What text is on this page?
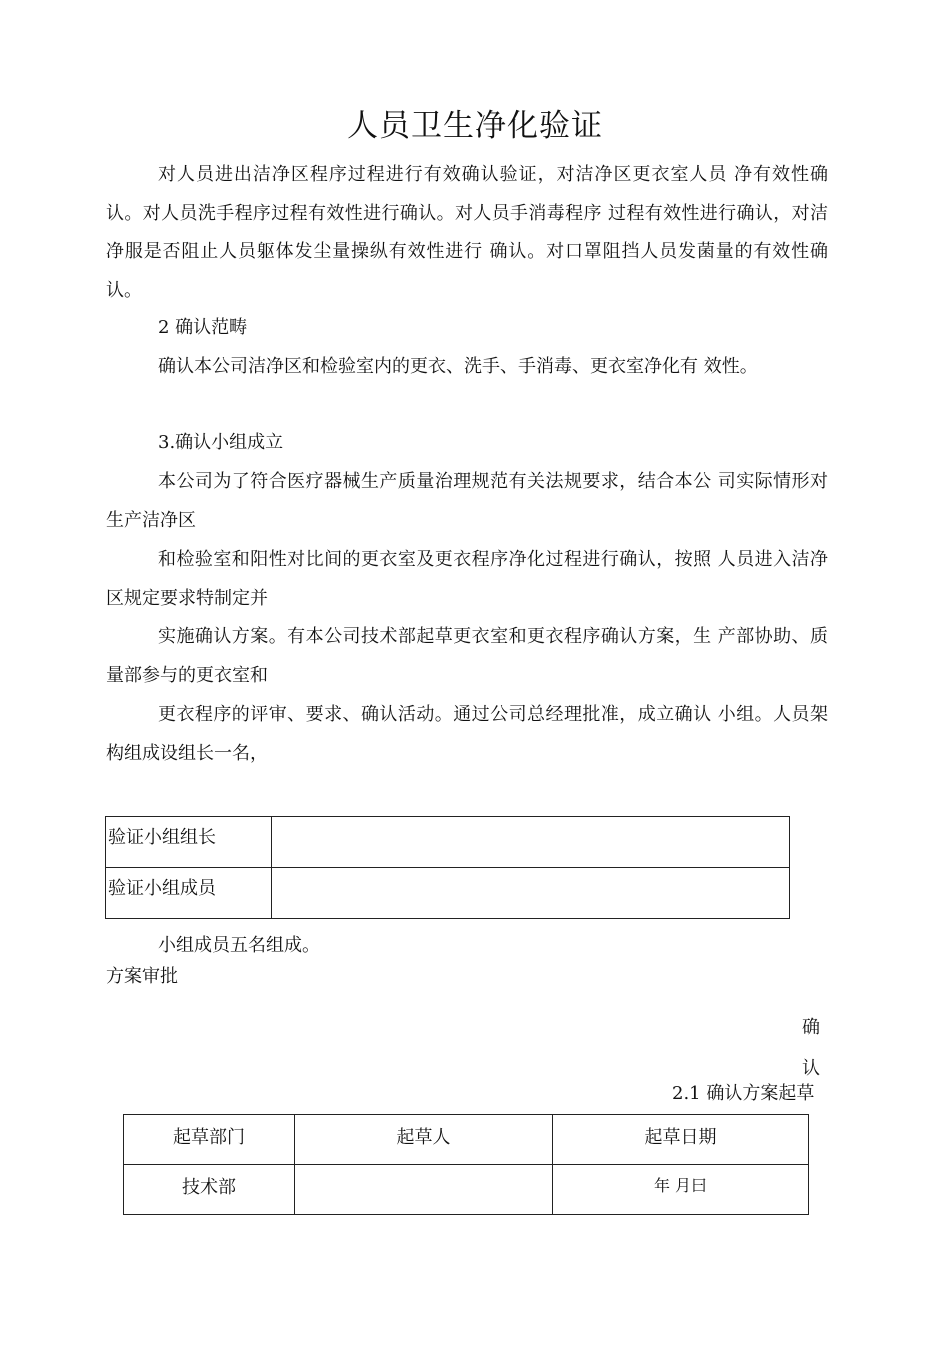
人员卫生净化验证

对人员进出洁净区程序过程进行有效确认验证，对洁净区更衣室人员 净有效性确认。对人员洗手程序过程有效性进行确认。对人员手消毒程序 过程有效性进行确认，对洁净服是否阻止人员躯体发尘量操纵有效性进行 确认。对口罩阻挡人员发菌量的有效性确认。

2 确认范畴

确认本公司洁净区和检验室内的更衣、洗手、手消毒、更衣室净化有 效性。

3.确认小组成立

本公司为了符合医疗器械生产质量治理规范有关法规要求，结合本公 司实际情形对生产洁净区

和检验室和阳性对比间的更衣室及更衣程序净化过程进行确认，按照 人员进入洁净区规定要求特制定并

实施确认方案。有本公司技术部起草更衣室和更衣程序确认方案，生 产部协助、质量部参与的更衣室和

更衣程序的评审、要求、确认活动。通过公司总经理批准，成立确认 小组。人员架构组成设组长一名，

验证小组组长	
验证小组成员	
小组成员五名组成。
方案审批
确
认
2.1 确认方案起草
起草部门	起草人	起草日期
技术部		年 月曰
